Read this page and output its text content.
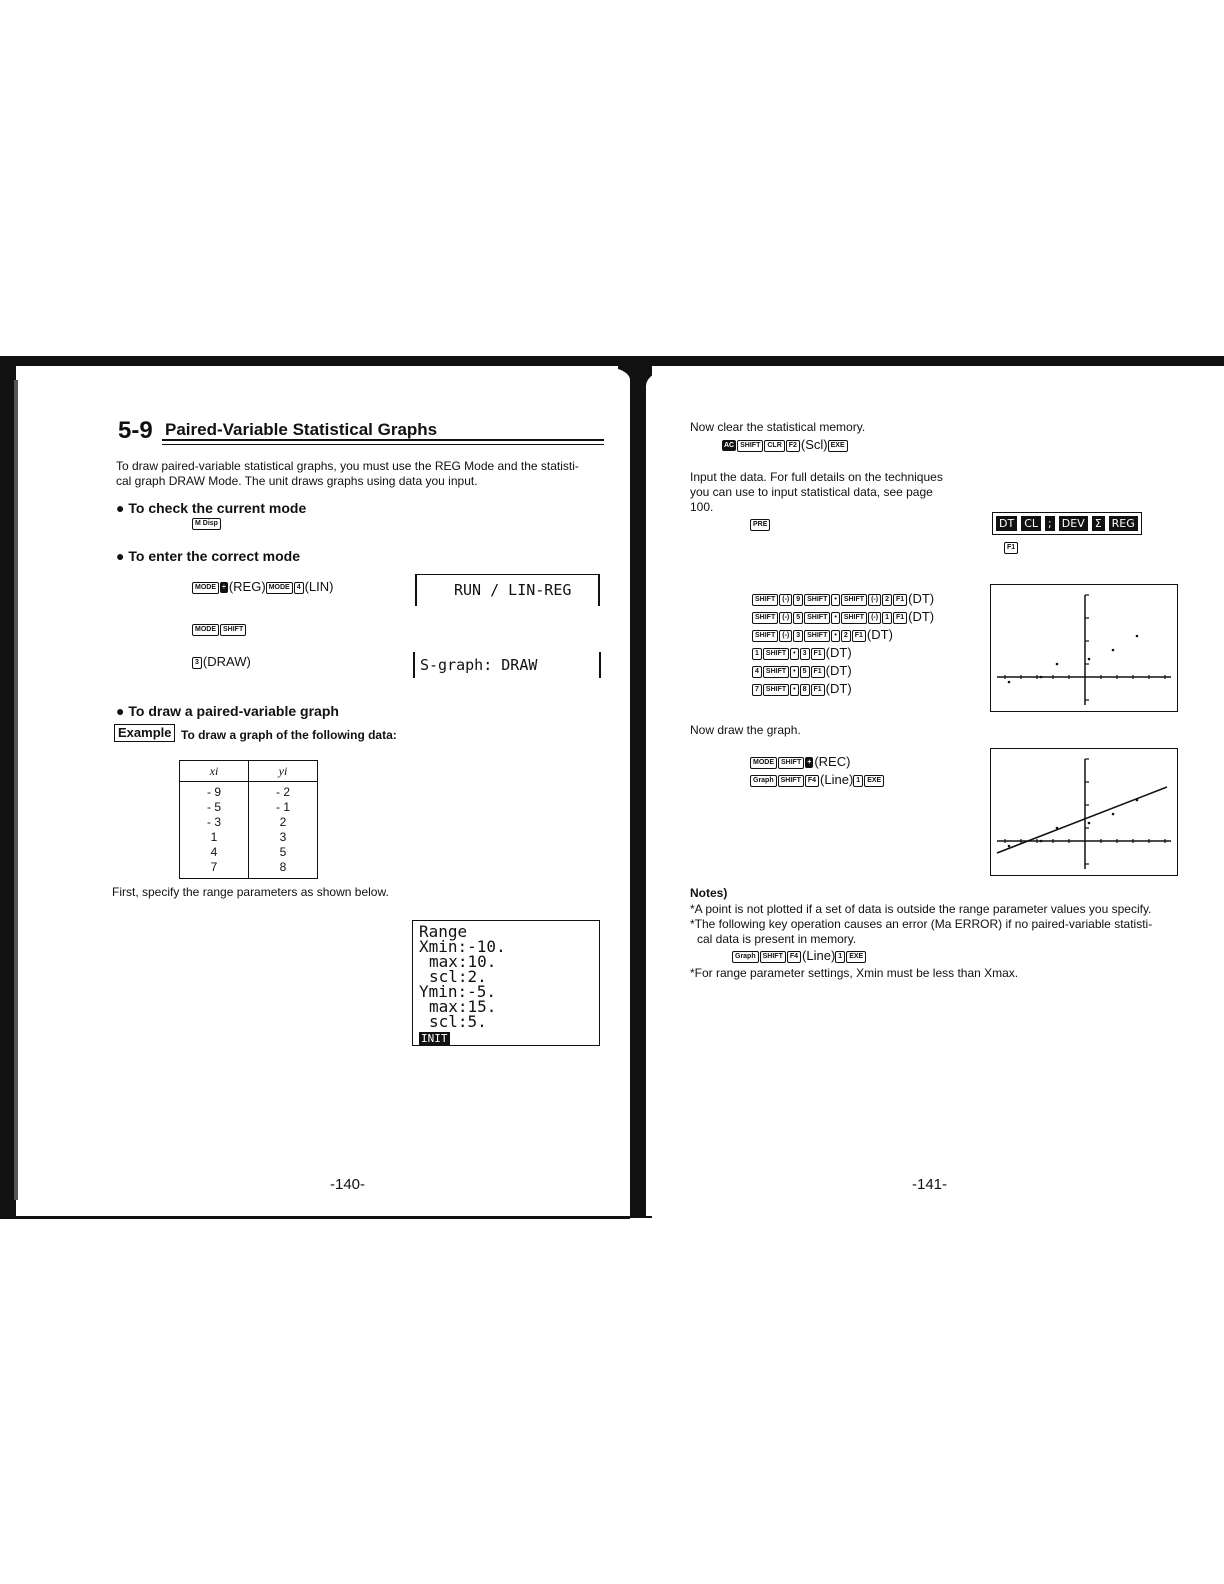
5-9 Paired-Variable Statistical Graphs
To draw paired-variable statistical graphs, you must use the REG Mode and the statisti-
cal graph DRAW Mode. The unit draws graphs using data you input.
● To check the current mode
M Disp
● To enter the correct mode
MODE ÷ (REG) MODE 4 (LIN)	RUN / LIN-REG
MODE SHIFT
3 (DRAW)	S-graph: DRAW
● To draw a paired-variable graph
Example To draw a graph of the following data:
xi	yi
- 9	- 2
- 5	- 1
- 3	2
1	3
4	5
7	8
First, specify the range parameters as shown below.
Range
Xmin:-10.
max:10.
scl:2.
Ymin:-5.
max:15.
scl:5.
INIT
-140-
Now clear the statistical memory.
AC SHIFT CLR F2 (Scl) EXE
Input the data. For full details on the techniques
you can use to input statistical data, see page
100.
PRE	DT CL ; DEV Σ REG
F1
SHIFT (-) 9 SHIFT • SHIFT (-) 2 F1 (DT)
SHIFT (-) 5 SHIFT • SHIFT (-) 1 F1 (DT)
SHIFT (-) 3 SHIFT • 2 F1 (DT)
1 SHIFT • 3 F1 (DT)
4 SHIFT • 5 F1 (DT)
7 SHIFT • 8 F1 (DT)
Now draw the graph.
MODE SHIFT + (REC)
Graph SHIFT F4 (Line) 1 EXE
Notes)
*A point is not plotted if a set of data is outside the range parameter values you specify.
*The following key operation causes an error (Ma ERROR) if no paired-variable statisti-
cal data is present in memory.
Graph SHIFT F4 (Line) 1 EXE
*For range parameter settings, Xmin must be less than Xmax.
-141-
